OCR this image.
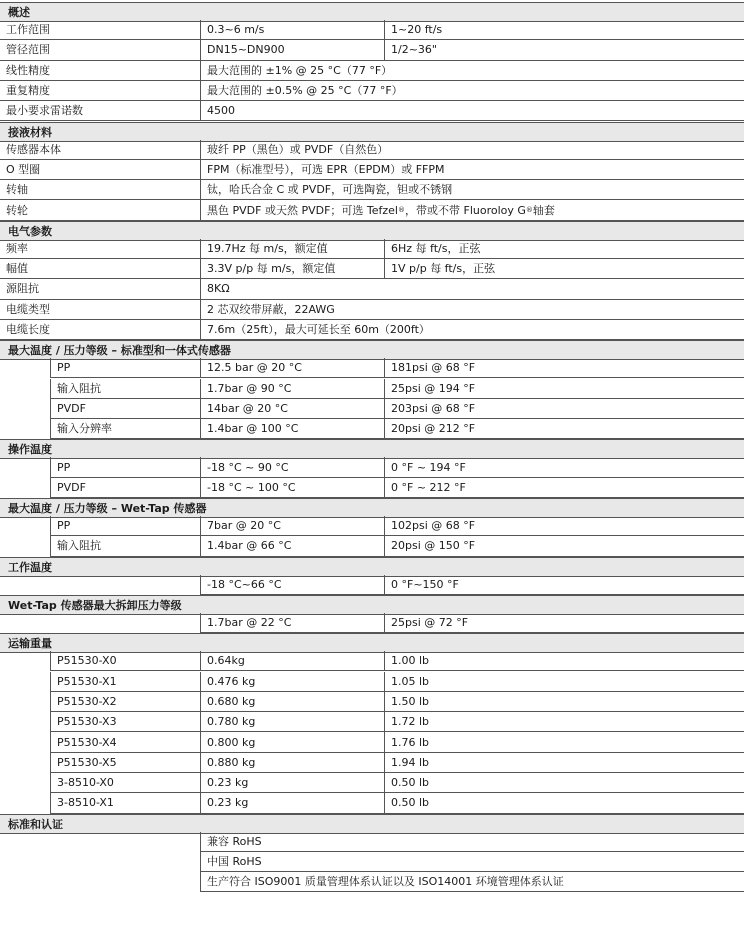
概述
工作范围	0.3~6 m/s	1~20 ft/s
管径范围	DN15~DN900	1/2~36"
线性精度	最大范围的 ±1% @ 25 °C（77 °F）
重复精度	最大范围的 ±0.5% @ 25 °C（77 °F）
最小要求雷诺数	4500
接液材料
传感器本体	玻纤 PP（黑色）或 PVDF（自然色）
O 型圈	FPM（标准型号），可选 EPR（EPDM）或 FFPM
转轴	钛，哈氏合金 C 或 PVDF，可选陶瓷，钽或不锈钢
转轮	黑色 PVDF 或天然 PVDF；可选 Tefzel ® ，带或不带 Fluoroloy G ® 轴套
电气参数
频率	19.7Hz 每 m/s，额定值	6Hz 每 ft/s，正弦
幅值	3.3V p/p 每 m/s，额定值	1V p/p 每 ft/s，正弦
源阻抗	8KΩ
电缆类型	2 芯双绞带屏蔽，22AWG
电缆长度	7.6m（25ft），最大可延长至 60m（200ft）
最大温度 / 压力等级 – 标准型和一体式传感器
PP	12.5 bar @ 20 °C	181psi @ 68 °F
输入阻抗	1.7bar @ 90 °C	25psi @ 194 °F
PVDF	14bar @ 20 °C	203psi @ 68 °F
输入分辨率	1.4bar @ 100 °C	20psi @ 212 °F
操作温度
PP	-18 °C ~ 90 °C	0 °F ~ 194 °F
PVDF	-18 °C ~ 100 °C	0 °F ~ 212 °F
最大温度 / 压力等级 – Wet-Tap 传感器
PP	7bar @ 20 °C	102psi @ 68 °F
输入阻抗	1.4bar @ 66 °C	20psi @ 150 °F
工作温度
-18 °C~66 °C	0 °F~150 °F
Wet-Tap 传感器最大拆卸压力等级
1.7bar @ 22 °C	25psi @ 72 °F
运输重量
P51530-X0	0.64kg	1.00 lb
P51530-X1	0.476 kg	1.05 lb
P51530-X2	0.680 kg	1.50 lb
P51530-X3	0.780 kg	1.72 lb
P51530-X4	0.800 kg	1.76 lb
P51530-X5	0.880 kg	1.94 lb
3-8510-X0	0.23 kg	0.50 lb
3-8510-X1	0.23 kg	0.50 lb
标准和认证
兼容 RoHS
中国 RoHS
生产符合 ISO9001 质量管理体系认证以及 ISO14001 环境管理体系认证
